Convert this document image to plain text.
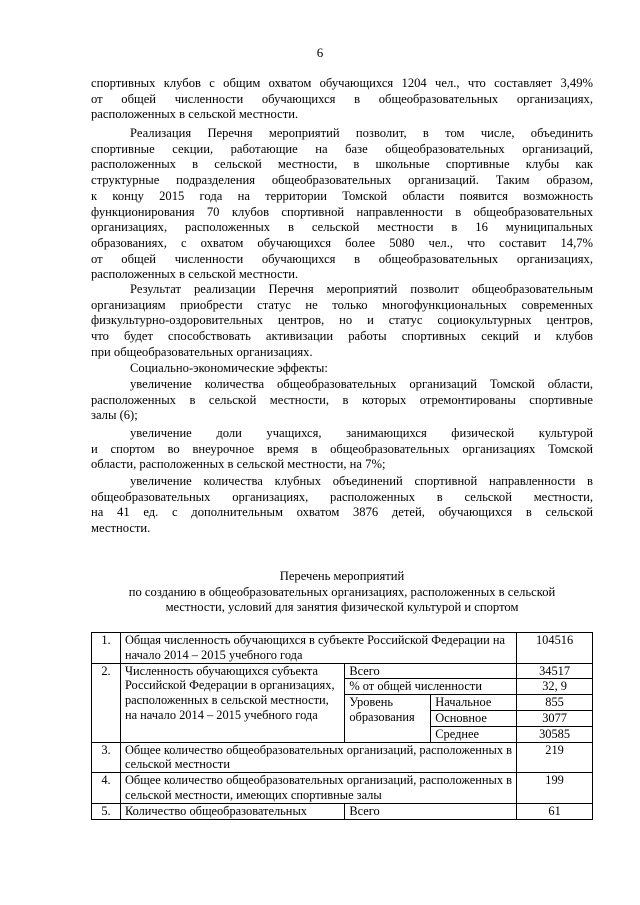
6

спортивных клубов с общим охватом обучающихся 1204 чел., что составляет 3,49%

от общей численности обучающихся в общеобразовательных организациях,

расположенных в сельской местности.

Реализация Перечня мероприятий позволит, в том числе, объединить

спортивные секции, работающие на базе общеобразовательных организаций,

расположенных в сельской местности, в школьные спортивные клубы как

структурные подразделения общеобразовательных организаций. Таким образом,

к концу 2015 года на территории Томской области появится возможность

функционирования 70 клубов спортивной направленности в общеобразовательных

организациях, расположенных в сельской местности в 16 муниципальных

образованиях, с охватом обучающихся более 5080 чел., что составит 14,7%

от общей численности обучающихся в общеобразовательных организациях,

расположенных в сельской местности.

Результат реализации Перечня мероприятий позволит общеобразовательным

организациям приобрести статус не только многофункциональных современных

физкультурно-оздоровительных центров, но и статус социокультурных центров,

что будет способствовать активизации работы спортивных секций и клубов

при общеобразовательных организациях.

Социально-экономические эффекты:

увеличение количества общеобразовательных организаций Томской области,

расположенных в сельской местности, в которых отремонтированы спортивные

залы (6);

увеличение доли учащихся, занимающихся физической культурой

и спортом во внеурочное время в общеобразовательных организациях Томской

области, расположенных в сельской местности, на 7%;

увеличение количества клубных объединений спортивной направленности в

общеобразовательных организациях, расположенных в сельской местности,

на 41 ед. с дополнительным охватом 3876 детей, обучающихся в сельской

местности.

Перечень мероприятий
по созданию в общеобразовательных организациях, расположенных в сельской
местности, условий для занятия физической культурой и спортом
1.	Общая численность обучающихся в субъекте Российской Федерации на начало 2014 – 2015 учебного года			104516
2.	Численность обучающихся субъекта Российской Федерации в организациях, расположенных в сельской местности, на начало 2014 – 2015 учебного года	Всего		34517
		% от общей численности		32, 9
		Уровень образования	Начальное	855
			Основное	3077
			Среднее	30585
3.	Общее количество общеобразовательных организаций, расположенных в сельской местности			219
4.	Общее количество общеобразовательных организаций, расположенных в сельской местности, имеющих спортивные залы			199
5.	Количество общеобразовательных	Всего		61
